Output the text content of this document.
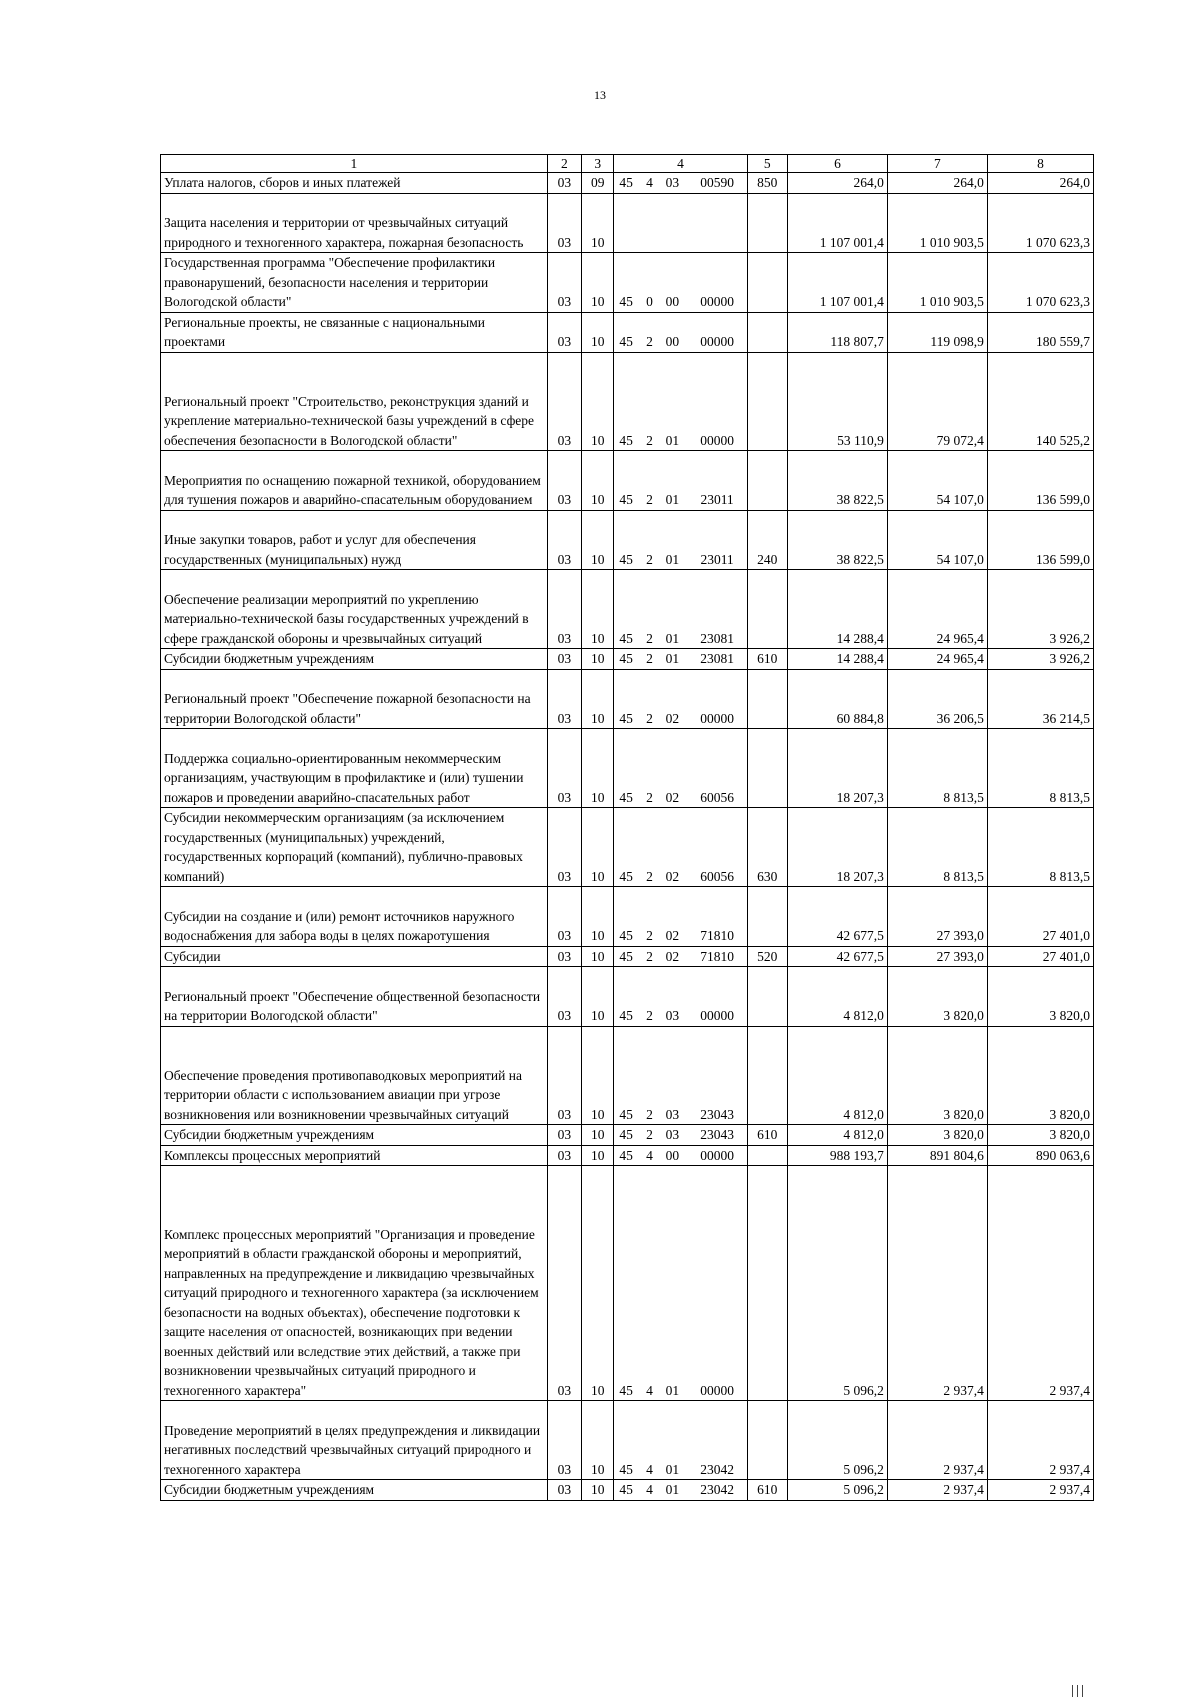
13
1	2	3	4				5	6	7	8
Уплата налогов, сборов и иных платежей	03	09	45	4	03	00590	850	264,0	264,0	264,0
Защита населения и территории от чрезвычайных ситуаций природного и техногенного характера, пожарная безопасность	03	10						1 107 001,4	1 010 903,5	1 070 623,3
Государственная программа "Обеспечение профилактики правонарушений, безопасности населения и территории Вологодской области"	03	10	45	0	00	00000		1 107 001,4	1 010 903,5	1 070 623,3
Региональные проекты, не связанные с национальными проектами	03	10	45	2	00	00000		118 807,7	119 098,9	180 559,7
Региональный проект "Строительство, реконструкция зданий и укрепление материально-технической базы учреждений в сфере обеспечения безопасности в Вологодской области"	03	10	45	2	01	00000		53 110,9	79 072,4	140 525,2
Мероприятия по оснащению пожарной техникой, оборудованием для тушения пожаров и аварийно-спасательным оборудованием	03	10	45	2	01	23011		38 822,5	54 107,0	136 599,0
Иные закупки товаров, работ и услуг для обеспечения государственных (муниципальных) нужд	03	10	45	2	01	23011	240	38 822,5	54 107,0	136 599,0
Обеспечение реализации мероприятий по укреплению материально-технической базы государственных учреждений в сфере гражданской обороны и чрезвычайных ситуаций	03	10	45	2	01	23081		14 288,4	24 965,4	3 926,2
Субсидии бюджетным учреждениям	03	10	45	2	01	23081	610	14 288,4	24 965,4	3 926,2
Региональный проект "Обеспечение пожарной безопасности на территории Вологодской области"	03	10	45	2	02	00000		60 884,8	36 206,5	36 214,5
Поддержка социально-ориентированным некоммерческим организациям, участвующим в профилактике и (или) тушении пожаров и проведении аварийно-спасательных работ	03	10	45	2	02	60056		18 207,3	8 813,5	8 813,5
Субсидии некоммерческим организациям (за исключением государственных (муниципальных) учреждений, государственных корпораций (компаний), публично-правовых компаний)	03	10	45	2	02	60056	630	18 207,3	8 813,5	8 813,5
Субсидии на создание и (или) ремонт источников наружного водоснабжения для забора воды в целях пожаротушения	03	10	45	2	02	71810		42 677,5	27 393,0	27 401,0
Субсидии	03	10	45	2	02	71810	520	42 677,5	27 393,0	27 401,0
Региональный проект "Обеспечение общественной безопасности на территории Вологодской области"	03	10	45	2	03	00000		4 812,0	3 820,0	3 820,0
Обеспечение проведения противопаводковых мероприятий на территории области с использованием авиации при угрозе возникновения или возникновении чрезвычайных ситуаций	03	10	45	2	03	23043		4 812,0	3 820,0	3 820,0
Субсидии бюджетным учреждениям	03	10	45	2	03	23043	610	4 812,0	3 820,0	3 820,0
Комплексы процессных мероприятий	03	10	45	4	00	00000		988 193,7	891 804,6	890 063,6
Комплекс процессных мероприятий "Организация и проведение мероприятий в области гражданской обороны и мероприятий, направленных на предупреждение и ликвидацию чрезвычайных ситуаций природного и техногенного характера (за исключением безопасности на водных объектах), обеспечение подготовки к защите населения от опасностей, возникающих при ведении военных действий или вследствие этих действий, а также при возникновении чрезвычайных ситуаций природного и техногенного характера"	03	10	45	4	01	00000		5 096,2	2 937,4	2 937,4
Проведение мероприятий в целях предупреждения и ликвидации негативных последствий чрезвычайных ситуаций природного и техногенного характера	03	10	45	4	01	23042		5 096,2	2 937,4	2 937,4
Субсидии бюджетным учреждениям	03	10	45	4	01	23042	610	5 096,2	2 937,4	2 937,4
